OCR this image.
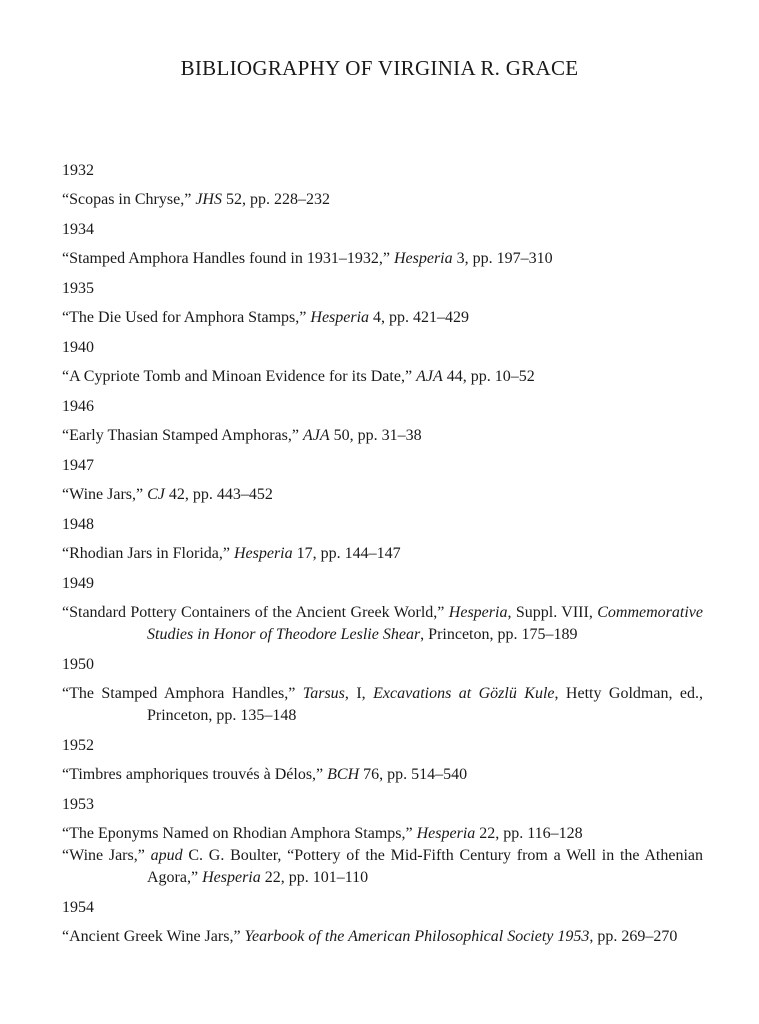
BIBLIOGRAPHY OF VIRGINIA R. GRACE
1932

“Scopas in Chryse,” JHS 52, pp. 228–232

1934

“Stamped Amphora Handles found in 1931–1932,” Hesperia 3, pp. 197–310

1935

“The Die Used for Amphora Stamps,” Hesperia 4, pp. 421–429

1940

“A Cypriote Tomb and Minoan Evidence for its Date,” AJA 44, pp. 10–52

1946

“Early Thasian Stamped Amphoras,” AJA 50, pp. 31–38

1947

“Wine Jars,” CJ 42, pp. 443–452

1948

“Rhodian Jars in Florida,” Hesperia 17, pp. 144–147

1949

“Standard Pottery Containers of the Ancient Greek World,” Hesperia, Suppl. VIII, Commemorative Studies in Honor of Theodore Leslie Shear, Princeton, pp. 175–189

1950

“The Stamped Amphora Handles,” Tarsus, I, Excavations at Gözlü Kule, Hetty Goldman, ed., Princeton, pp. 135–148

1952

“Timbres amphoriques trouvés à Délos,” BCH 76, pp. 514–540

1953

“The Eponyms Named on Rhodian Amphora Stamps,” Hesperia 22, pp. 116–128

“Wine Jars,” apud C. G. Boulter, “Pottery of the Mid-Fifth Century from a Well in the Athenian Agora,” Hesperia 22, pp. 101–110

1954

“Ancient Greek Wine Jars,” Yearbook of the American Philosophical Society 1953, pp. 269–270
